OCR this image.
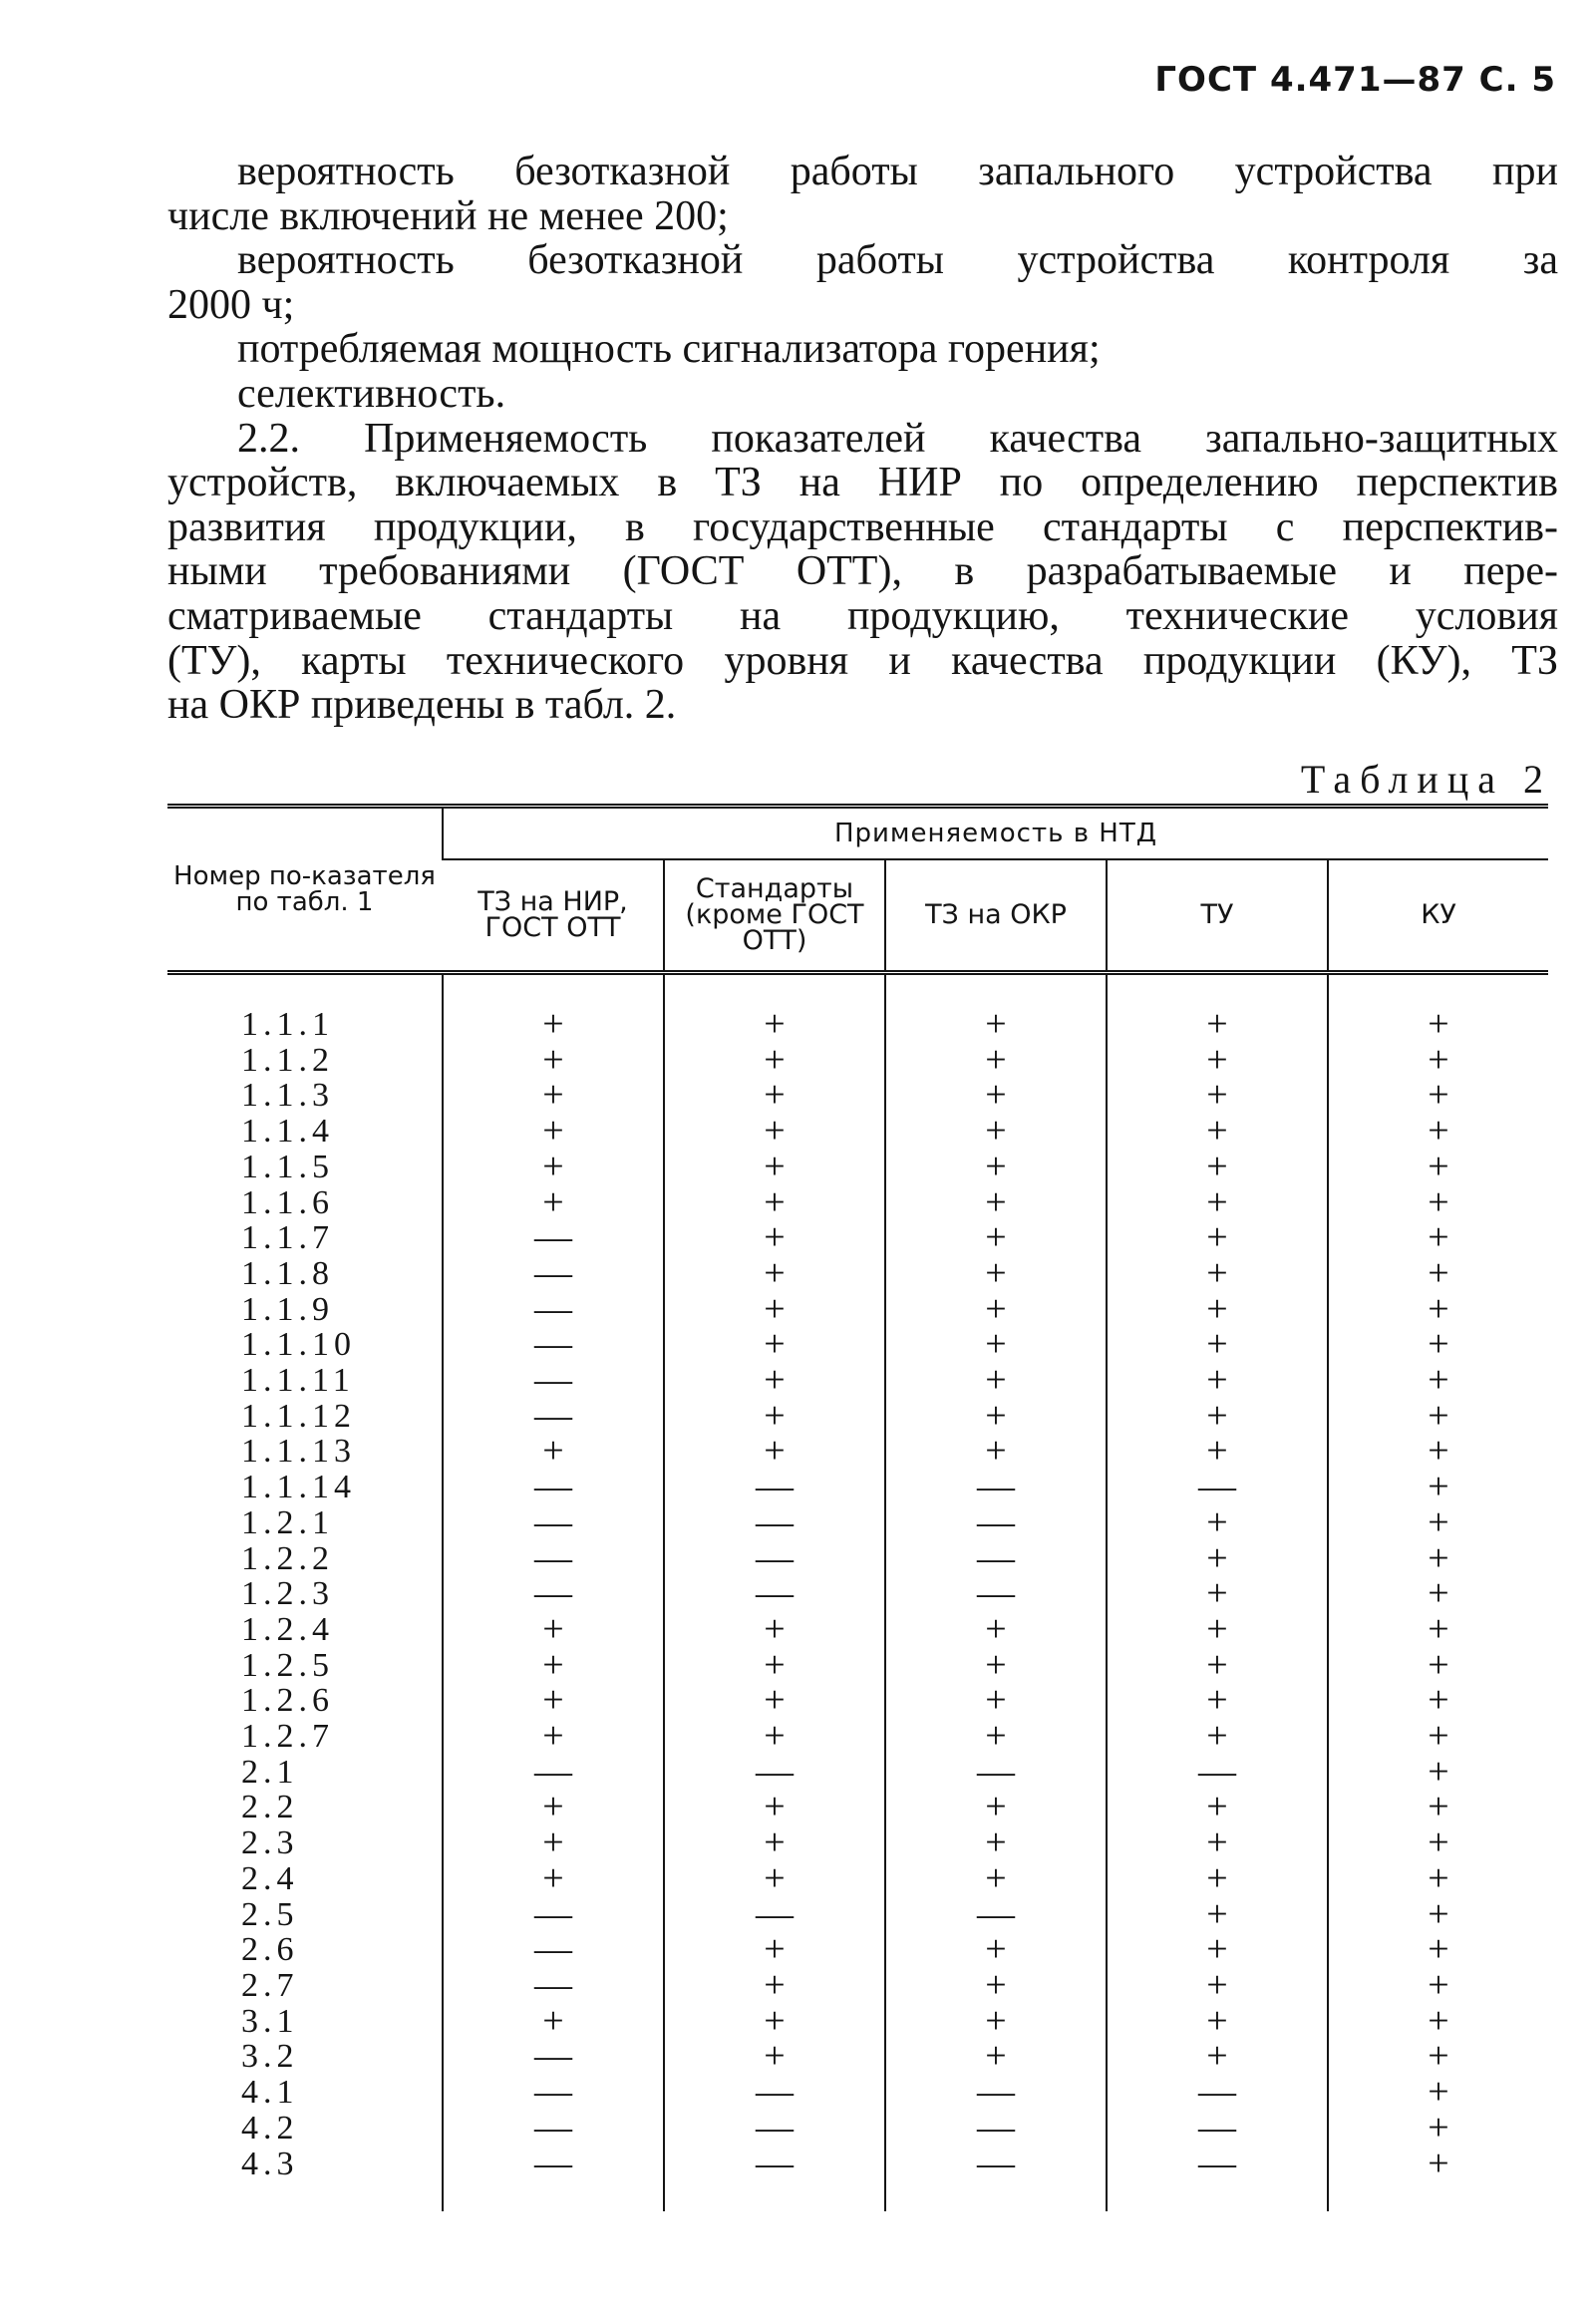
ГОСТ 4.471—87 С. 5
вероятность безотказной работы запального устройства при
числе включений не менее 200;
вероятность безотказной работы устройства контроля за
2000 ч;
потребляемая мощность сигнализатора горения;
селективность.
2.2. Применяемость показателей качества запально-защитных
устройств, включаемых в ТЗ на НИР по определению перспектив
развития продукции, в государственные стандарты с перспектив-
ными требованиями (ГОСТ ОТТ), в разрабатываемые и пере-
сматриваемые стандарты на продукцию, технические условия
(ТУ), карты технического уровня и качества продукции (КУ), ТЗ
на ОКР приведены в табл. 2.
Таблица 2
Номер по-казателя по табл. 1	Применяемость в НТД				
	ТЗ на НИР, ГОСТ ОТТ	Стандарты (кроме ГОСТ ОТТ)	ТЗ на ОКР	ТУ	КУ
1.1.1	+	+	+	+	+
1.1.2	+	+	+	+	+
1.1.3	+	+	+	+	+
1.1.4	+	+	+	+	+
1.1.5	+	+	+	+	+
1.1.6	+	+	+	+	+
1.1.7	—	+	+	+	+
1.1.8	—	+	+	+	+
1.1.9	—	+	+	+	+
1.1.10	—	+	+	+	+
1.1.11	—	+	+	+	+
1.1.12	—	+	+	+	+
1.1.13	+	+	+	+	+
1.1.14	—	—	—	—	+
1.2.1	—	—	—	+	+
1.2.2	—	—	—	+	+
1.2.3	—	—	—	+	+
1.2.4	+	+	+	+	+
1.2.5	+	+	+	+	+
1.2.6	+	+	+	+	+
1.2.7	+	+	+	+	+
2.1	—	—	—	—	+
2.2	+	+	+	+	+
2.3	+	+	+	+	+
2.4	+	+	+	+	+
2.5	—	—	—	+	+
2.6	—	+	+	+	+
2.7	—	+	+	+	+
3.1	+	+	+	+	+
3.2	—	+	+	+	+
4.1	—	—	—	—	+
4.2	—	—	—	—	+
4.3	—	—	—	—	+
